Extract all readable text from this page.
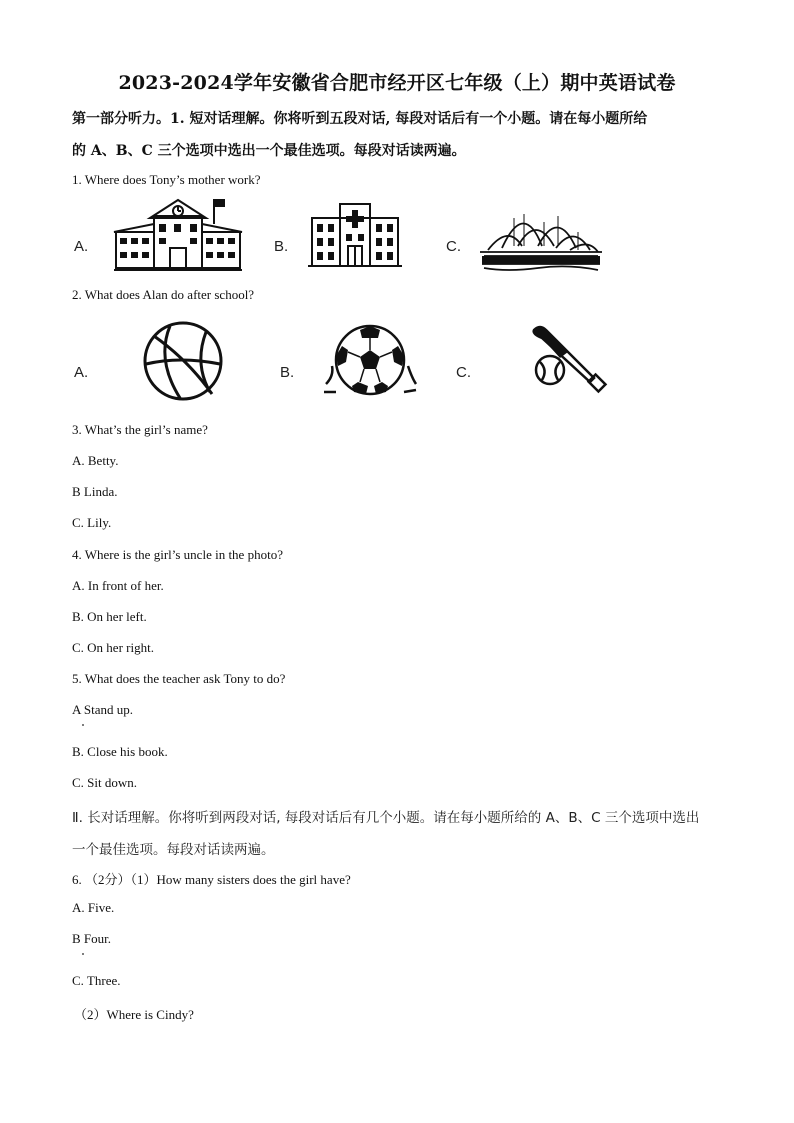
2023-2024学年安徽省合肥市经开区七年级（上）期中英语试卷
第一部分听力。1. 短对话理解。你将听到五段对话, 每段对话后有一个小题。请在每小题所给
的 A、B、C 三个选项中选出一个最佳选项。每段对话读两遍。
1. Where does Tony’s mother work?
A.	B.	C.
2. What does Alan do after school?
A.	B.	C.
3. What’s the girl’s name?
A. Betty.
B Linda.
C. Lily.
4. Where is the girl’s uncle in the photo?
A. In front of her.
B. On her left.
C. On her right.
5. What does the teacher ask Tony to do?
A Stand up.
B. Close his book.
C. Sit down.
Ⅱ. 长对话理解。你将听到两段对话, 每段对话后有几个小题。请在每小题所给的 A、B、C 三个选项中选出
一个最佳选项。每段对话读两遍。
6. （2分）（1）How many sisters does the girl have?
A. Five.
B Four.
C. Three.
（2）Where is Cindy?
